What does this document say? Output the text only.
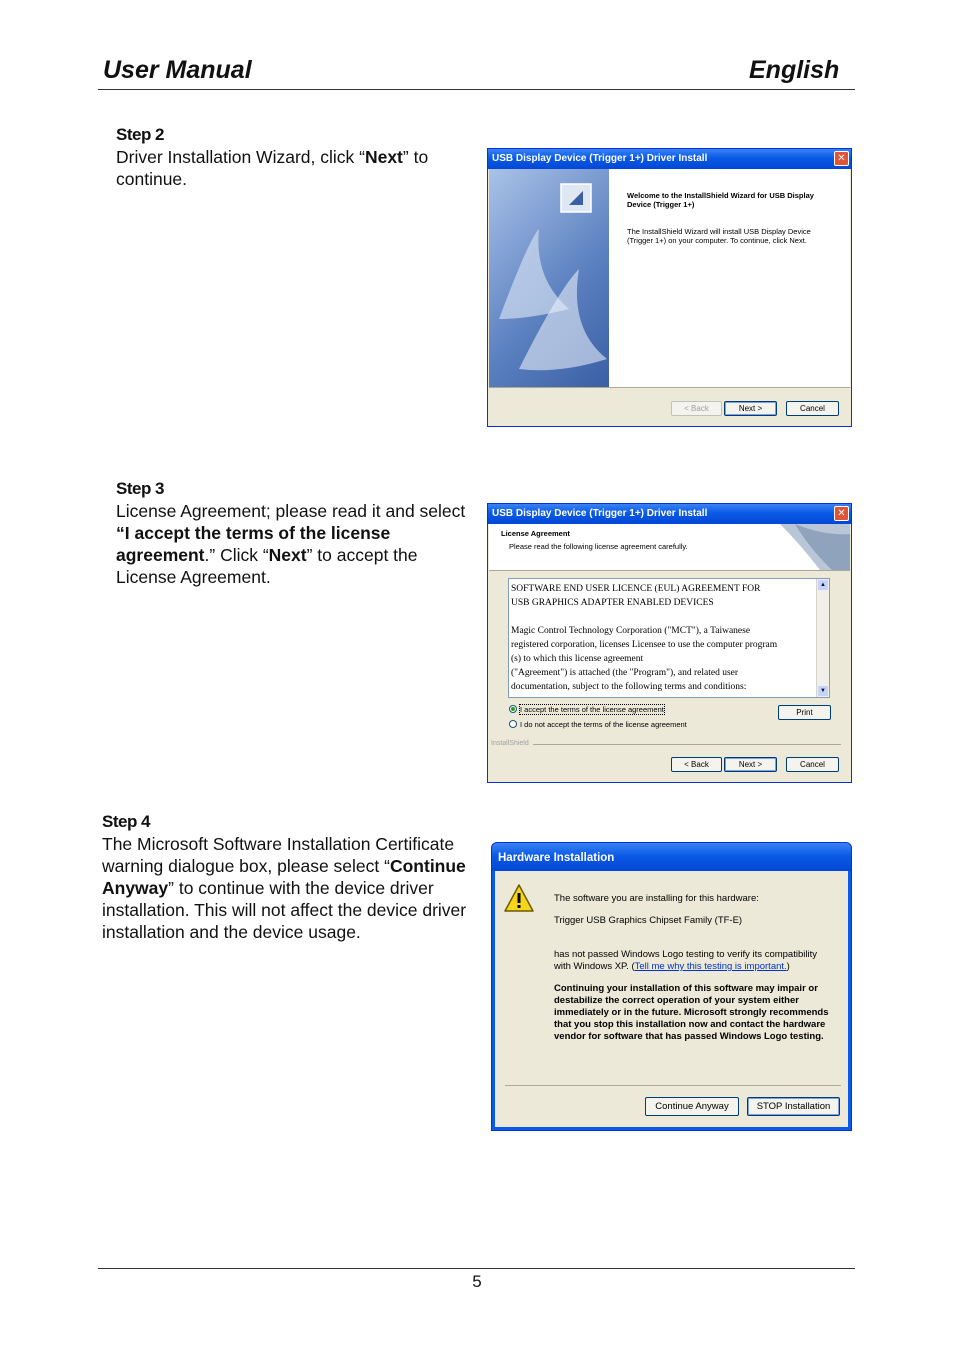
User Manual	English
Step 2
Driver Installation Wizard, click “Next” to continue.
USB Display Device (Trigger 1+) Driver Install	✕
Welcome to the InstallShield Wizard for USB Display Device (Trigger 1+)
The InstallShield Wizard will install USB Display Device (Trigger 1+) on your computer. To continue, click Next.
< Back	Next >	Cancel
Step 3
License Agreement; please read it and select “I accept the terms of the license agreement.” Click “Next” to accept the License Agreement.
USB Display Device (Trigger 1+) Driver Install	✕
License Agreement
Please read the following license agreement carefully.
SOFTWARE END USER LICENCE (EUL) AGREEMENT FOR
USB GRAPHICS ADAPTER ENABLED DEVICES
Magic Control Technology Corporation ("MCT"), a Taiwanese
registered corporation, licenses Licensee to use the computer program
(s) to which this license agreement
("Agreement") is attached (the "Program"), and related user
documentation, subject to the following terms and conditions:
▲
▼
I accept the terms of the license agreement
I do not accept the terms of the license agreement
Print
InstallShield
< Back	Next >	Cancel
Step 4
The Microsoft Software Installation Certificate warning dialogue box, please select “Continue Anyway” to continue with the device driver installation. This will not affect the device driver installation and the device usage.
Hardware Installation
The software you are installing for this hardware:
Trigger USB Graphics Chipset Family (TF-E)
has not passed Windows Logo testing to verify its compatibility with Windows XP. (Tell me why this testing is important.)
Continuing your installation of this software may impair or destabilize the correct operation of your system either immediately or in the future. Microsoft strongly recommends that you stop this installation now and contact the hardware vendor for software that has passed Windows Logo testing.
Continue Anyway	STOP Installation
5
